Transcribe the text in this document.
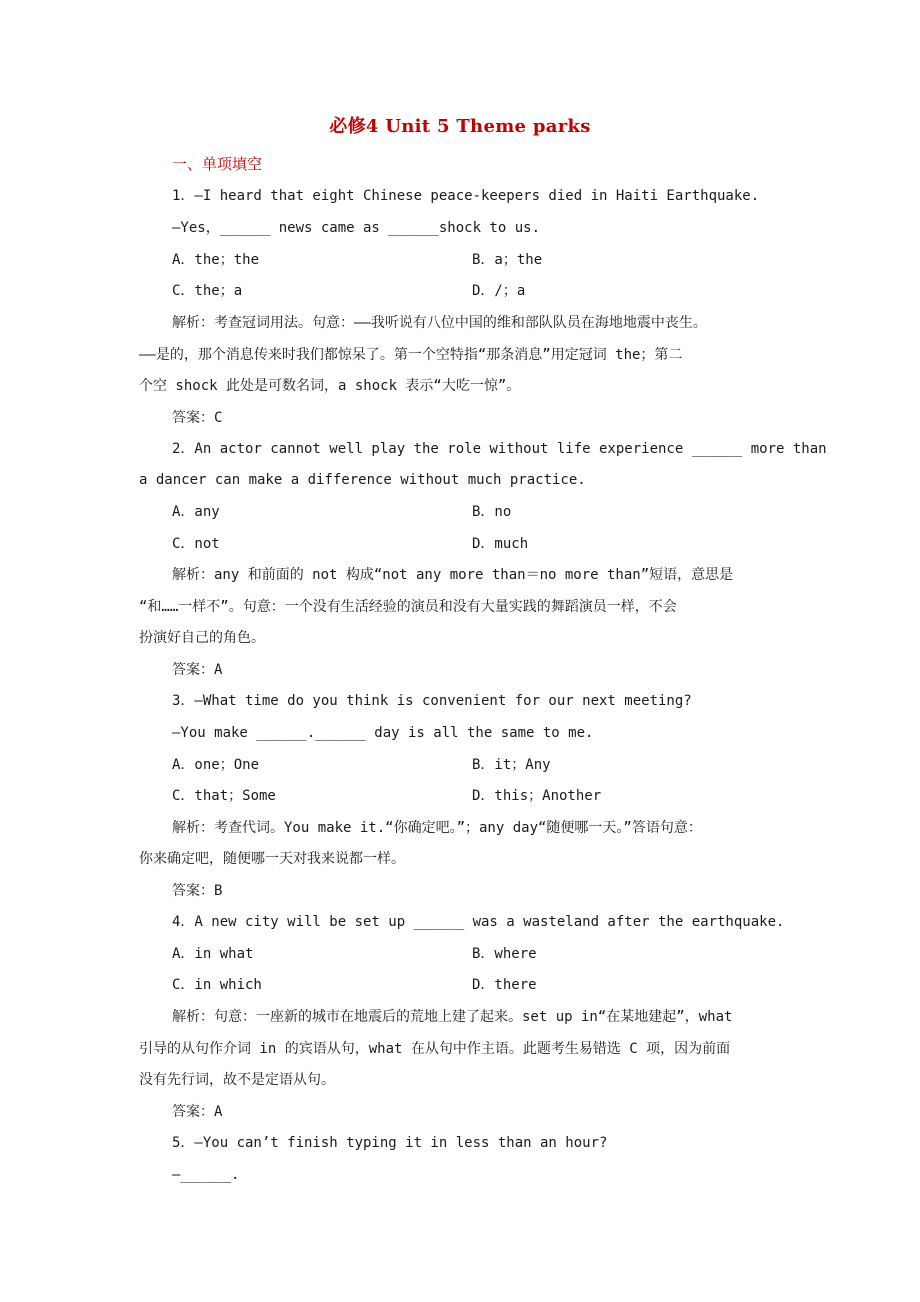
必修4 Unit 5 Theme parks
一、单项填空
1．—I heard that eight Chinese peace-keepers died in Haiti Earthquake.
—Yes，______ news came as ______shock to us.
A．the；the	B．a；the
C．the；a	D．/；a
解析：考查冠词用法。句意：——我听说有八位中国的维和部队队员在海地地震中丧生。
——是的，那个消息传来时我们都惊呆了。第一个空特指“那条消息”用定冠词 the；第二
个空 shock 此处是可数名词，a shock 表示“大吃一惊”。
答案：C
2．An actor cannot well play the role without life experience ______ more than
a dancer can make a difference without much practice.
A．any	B．no
C．not	D．much
解析：any 和前面的 not 构成“not any more than＝no more than”短语，意思是
“和……一样不”。句意：一个没有生活经验的演员和没有大量实践的舞蹈演员一样，不会
扮演好自己的角色。
答案：A
3．—What time do you think is convenient for our next meeting?
—You make ______.______ day is all the same to me.
A．one；One	B．it；Any
C．that；Some	D．this；Another
解析：考查代词。You make it.“你确定吧。”；any day“随便哪一天。”答语句意：
你来确定吧，随便哪一天对我来说都一样。
答案：B
4．A new city will be set up ______ was a wasteland after the earthquake.
A．in what	B．where
C．in which	D．there
解析：句意：一座新的城市在地震后的荒地上建了起来。set up in“在某地建起”，what
引导的从句作介词 in 的宾语从句，what 在从句中作主语。此题考生易错选 C 项，因为前面
没有先行词，故不是定语从句。
答案：A
5．—You can’t finish typing it in less than an hour?
—______.
